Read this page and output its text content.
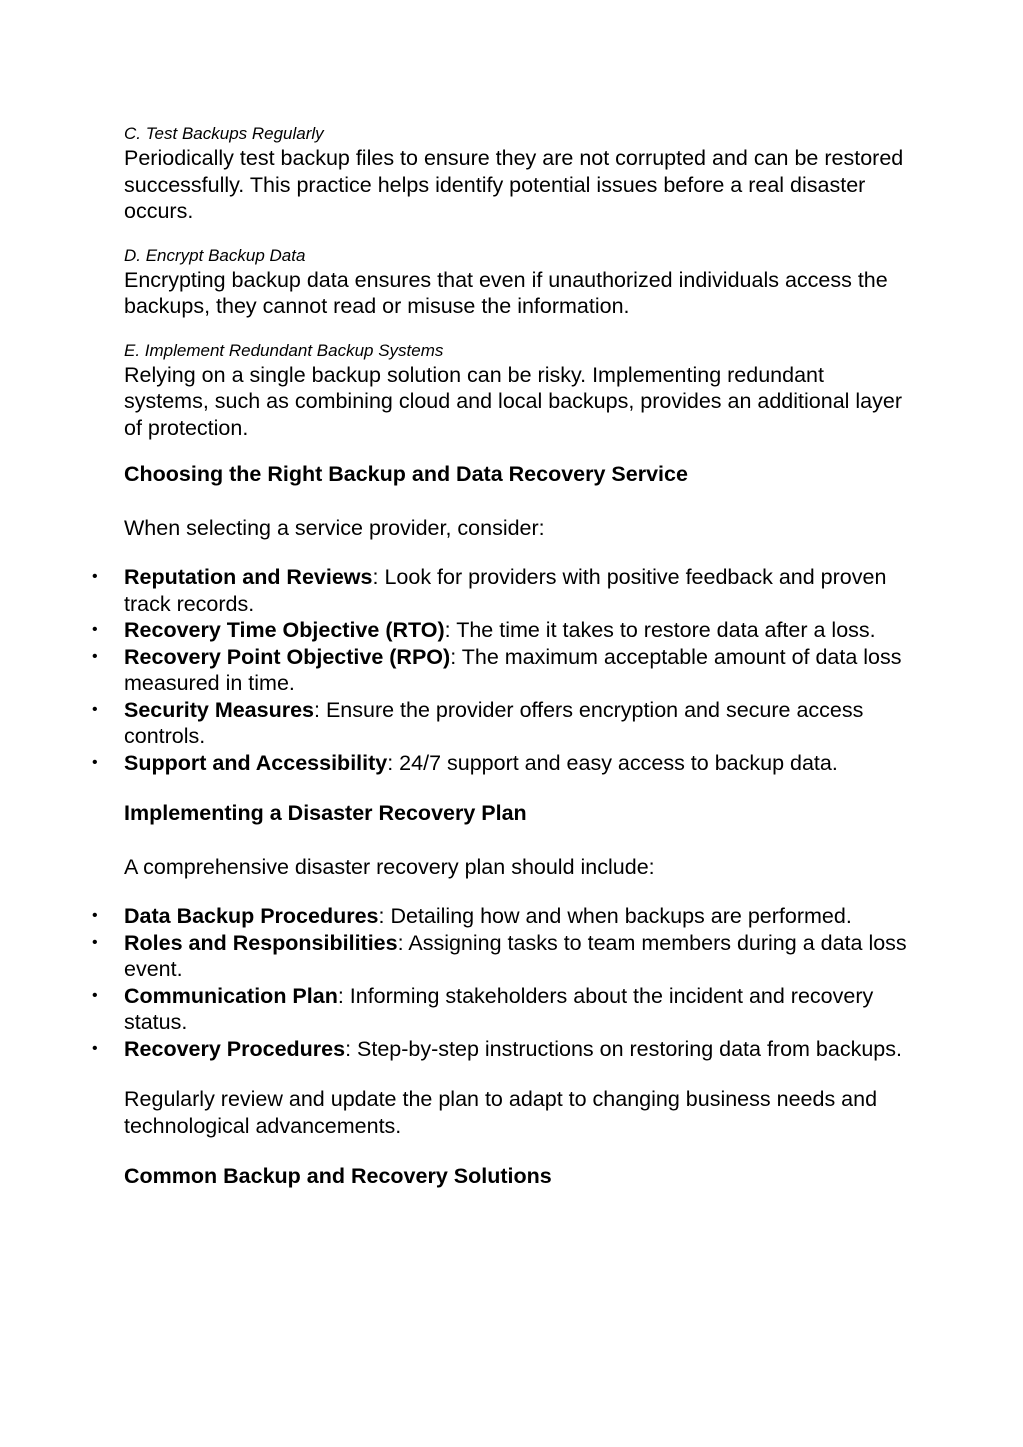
C. Test Backups Regularly

Periodically test backup files to ensure they are not corrupted and can be restored successfully. This practice helps identify potential issues before a real disaster occurs.

D. Encrypt Backup Data

Encrypting backup data ensures that even if unauthorized individuals access the backups, they cannot read or misuse the information.

E. Implement Redundant Backup Systems

Relying on a single backup solution can be risky. Implementing redundant systems, such as combining cloud and local backups, provides an additional layer of protection.

Choosing the Right Backup and Data Recovery Service

When selecting a service provider, consider:

• Reputation and Reviews: Look for providers with positive feedback and proven track records.
• Recovery Time Objective (RTO): The time it takes to restore data after a loss.
• Recovery Point Objective (RPO): The maximum acceptable amount of data loss measured in time.
• Security Measures: Ensure the provider offers encryption and secure access controls.
• Support and Accessibility: 24/7 support and easy access to backup data.
Implementing a Disaster Recovery Plan

A comprehensive disaster recovery plan should include:

• Data Backup Procedures: Detailing how and when backups are performed.
• Roles and Responsibilities: Assigning tasks to team members during a data loss event.
• Communication Plan: Informing stakeholders about the incident and recovery status.
• Recovery Procedures: Step-by-step instructions on restoring data from backups.

Regularly review and update the plan to adapt to changing business needs and technological advancements.

Common Backup and Recovery Solutions
